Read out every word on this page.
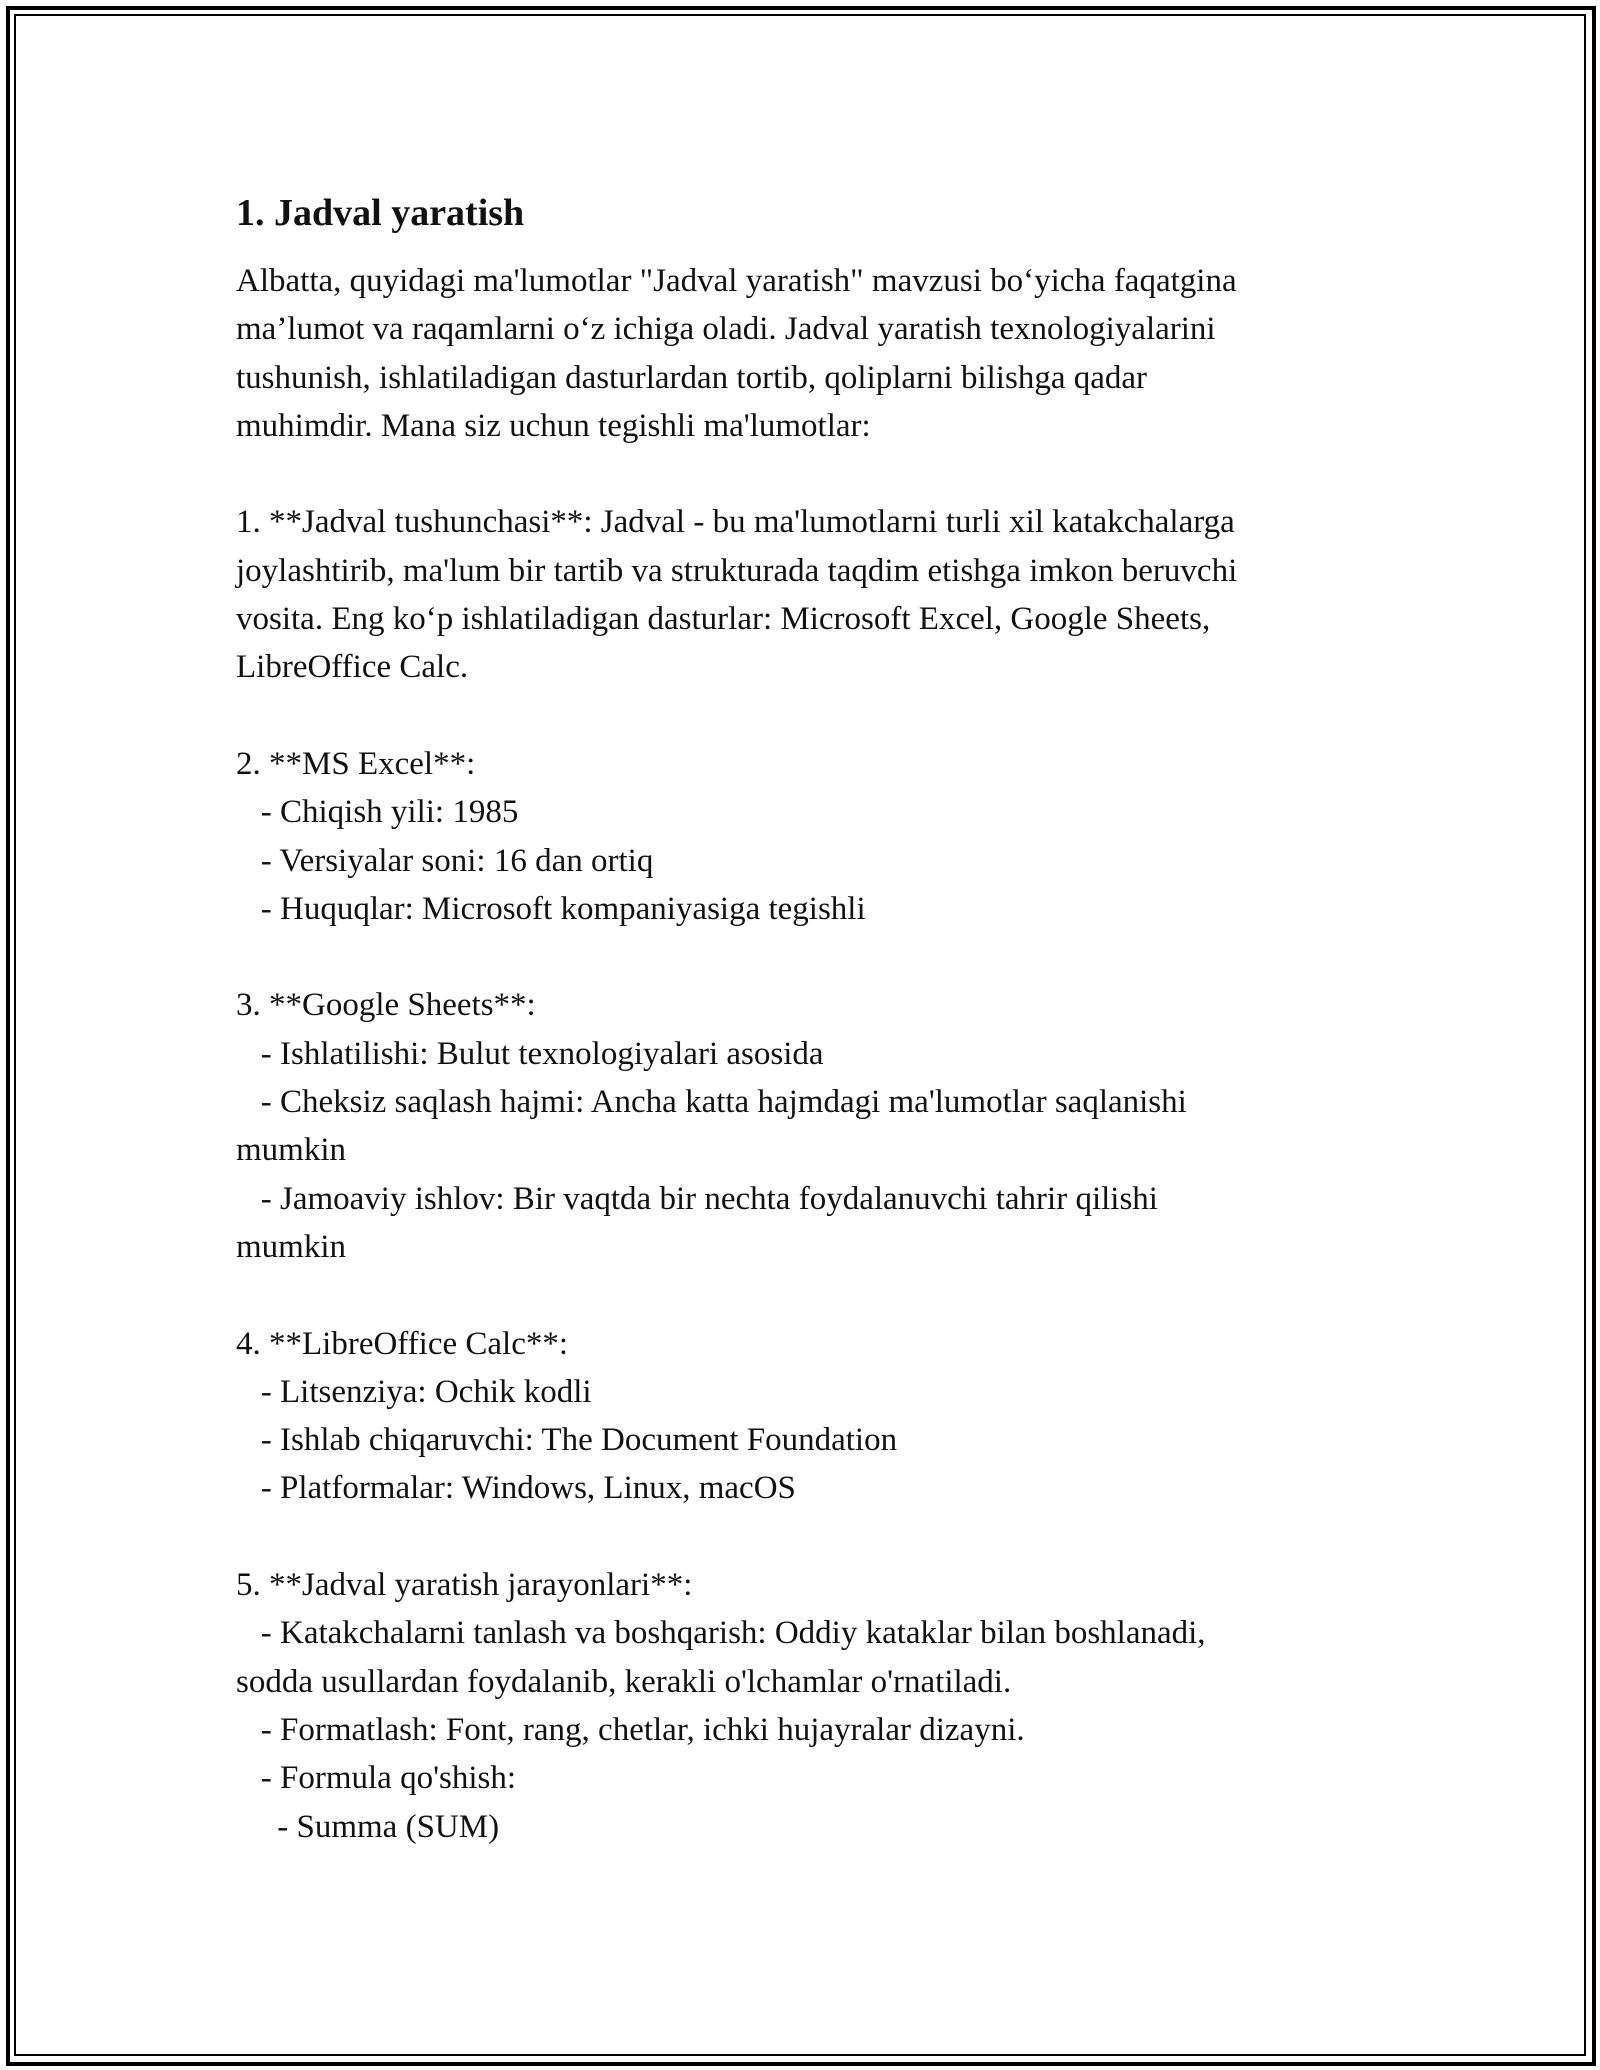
1. Jadval yaratish
Albatta, quyidagi ma'lumotlar "Jadval yaratish" mavzusi bo‘yicha faqatgina
ma’lumot va raqamlarni o‘z ichiga oladi. Jadval yaratish texnologiyalarini
tushunish, ishlatiladigan dasturlardan tortib, qoliplarni bilishga qadar
muhimdir. Mana siz uchun tegishli ma'lumotlar:
1. **Jadval tushunchasi**: Jadval - bu ma'lumotlarni turli xil katakchalarga
joylashtirib, ma'lum bir tartib va strukturada taqdim etishga imkon beruvchi
vosita. Eng ko‘p ishlatiladigan dasturlar: Microsoft Excel, Google Sheets,
LibreOffice Calc.
2. **MS Excel**:
- Chiqish yili: 1985
- Versiyalar soni: 16 dan ortiq
- Huquqlar: Microsoft kompaniyasiga tegishli
3. **Google Sheets**:
- Ishlatilishi: Bulut texnologiyalari asosida
- Cheksiz saqlash hajmi: Ancha katta hajmdagi ma'lumotlar saqlanishi
mumkin
- Jamoaviy ishlov: Bir vaqtda bir nechta foydalanuvchi tahrir qilishi
mumkin
4. **LibreOffice Calc**:
- Litsenziya: Ochik kodli
- Ishlab chiqaruvchi: The Document Foundation
- Platformalar: Windows, Linux, macOS
5. **Jadval yaratish jarayonlari**:
- Katakchalarni tanlash va boshqarish: Oddiy kataklar bilan boshlanadi,
sodda usullardan foydalanib, kerakli o'lchamlar o'rnatiladi.
- Formatlash: Font, rang, chetlar, ichki hujayralar dizayni.
- Formula qo'shish:
- Summa (SUM)
